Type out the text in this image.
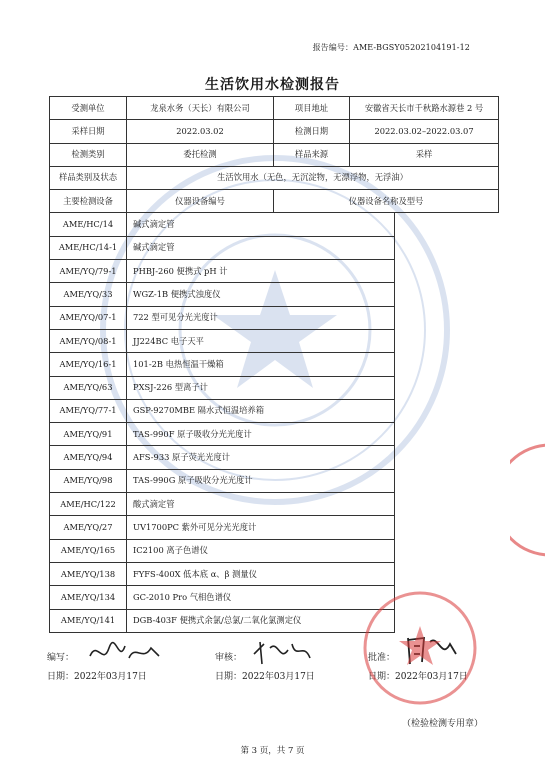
报告编号：AME-BGSY05202104191-12
生活饮用水检测报告
受测单位	龙泉水务（天长）有限公司	项目地址	安徽省天长市千秋路水源巷 2 号
采样日期	2022.03.02	检测日期	2022.03.02–2022.03.07
检测类别	委托检测	样品来源	采样
样品类别及状态	生活饮用水（无色，无沉淀物，无漂浮物，无浮油）		
主要检测设备	仪器设备编号	仪器设备名称及型号	
AME/HC/14	碱式滴定管		
AME/HC/14-1	碱式滴定管		
AME/YQ/79-1	PHBJ-260 便携式 pH 计		
AME/YQ/33	WGZ-1B 便携式浊度仪		
AME/YQ/07-1	722 型可见分光光度计		
AME/YQ/08-1	JJ224BC 电子天平		
AME/YQ/16-1	101-2B 电热恒温干燥箱		
AME/YQ/63	PXSJ-226 型离子计		
AME/YQ/77-1	GSP-9270MBE 隔水式恒温培养箱		
AME/YQ/91	TAS-990F 原子吸收分光光度计		
AME/YQ/94	AFS-933 原子荧光光度计		
AME/YQ/98	TAS-990G 原子吸收分光光度计		
AME/HC/122	酸式滴定管		
AME/YQ/27	UV1700PC 紫外可见分光光度计		
AME/YQ/165	IC2100 离子色谱仪		
AME/YQ/138	FYFS-400X 低本底 α、β 测量仪		
AME/YQ/134	GC-2010 Pro 气相色谱仪		
AME/YQ/141	DGB-403F 便携式余氯/总氯/二氧化氯测定仪		
编写：
日期：2022年03月17日
审核：
日期：2022年03月17日
批准：
日期：2022年03月17日
（检验检测专用章）
第 3 页，共 7 页
